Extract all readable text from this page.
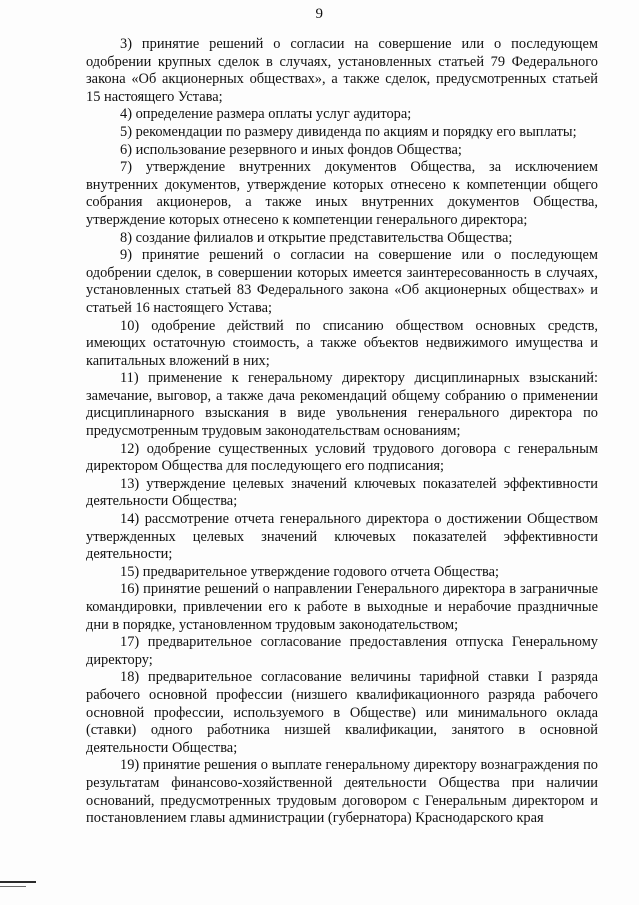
9

3) принятие решений о согласии на совершение или о последующем одобрении крупных сделок в случаях, установленных статьей 79 Федерального закона «Об акционерных обществах», а также сделок, предусмотренных статьей 15 настоящего Устава;

4) определение размера оплаты услуг аудитора;

5) рекомендации по размеру дивиденда по акциям и порядку его выплаты;

6) использование резервного и иных фондов Общества;

7) утверждение внутренних документов Общества, за исключением внутренних документов, утверждение которых отнесено к компетенции общего собрания акционеров, а также иных внутренних документов Общества, утверждение которых отнесено к компетенции генерального директора;

8) создание филиалов и открытие представительства Общества;

9) принятие решений о согласии на совершение или о последующем одобрении сделок, в совершении которых имеется заинтересованность в случаях, установленных статьей 83 Федерального закона «Об акционерных обществах» и статьей 16 настоящего Устава;

10) одобрение действий по списанию обществом основных средств, имеющих остаточную стоимость, а также объектов недвижимого имущества и капитальных вложений в них;

11) применение к генеральному директору дисциплинарных взысканий: замечание, выговор, а также дача рекомендаций общему собранию о применении дисциплинарного взыскания в виде увольнения генерального директора по предусмотренным трудовым законодательствам основаниям;

12) одобрение существенных условий трудового договора с генеральным директором Общества для последующего его подписания;

13) утверждение целевых значений ключевых показателей эффективности деятельности Общества;

14) рассмотрение отчета генерального директора о достижении Обществом утвержденных целевых значений ключевых показателей эффективности деятельности;

15) предварительное утверждение годового отчета Общества;

16) принятие решений о направлении Генерального директора в заграничные командировки, привлечении его к работе в выходные и нерабочие праздничные дни в порядке, установленном трудовым законодательством;

17) предварительное согласование предоставления отпуска Генеральному директору;

18) предварительное согласование величины тарифной ставки I разряда рабочего основной профессии (низшего квалификационного разряда рабочего основной профессии, используемого в Обществе) или минимального оклада (ставки) одного работника низшей квалификации, занятого в основной деятельности Общества;

19) принятие решения о выплате генеральному директору вознаграждения по результатам финансово-хозяйственной деятельности Общества при наличии оснований, предусмотренных трудовым договором с Генеральным директором и постановлением главы администрации (губернатора) Краснодарского края
